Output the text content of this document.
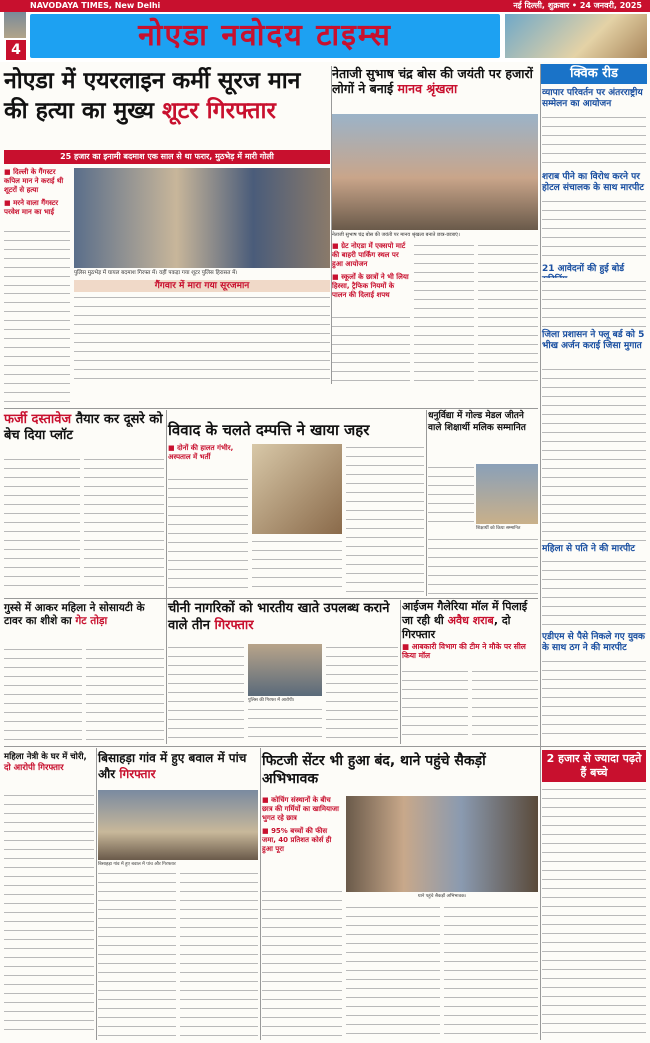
NAVODAYA TIMES, New Delhi	नई दिल्ली, शुक्रवार • 24 जनवरी, 2025
4	नोएडा नवोदय टाइम्स
नोएडा में एयरलाइन कर्मी सूरज मान
की हत्या का मुख्य शूटर गिरफ्तार
25 हजार का इनामी बदमाश एक साल से था फरार, मुठभेड़ में मारी गोली
■ दिल्ली के गैंगस्टर कपिल मान ने कराई थी शूटरों से हत्या
■ मरने वाला गैंगस्टर परवेश मान का भाई
पुलिस मुठभेड़ में घायल बदमाश गिरफ्त में। वहीं पकड़ा गया शूटर पुलिस हिरासत में।
गैंगवार में मारा गया सूरजमान
नेताजी सुभाष चंद्र बोस की जयंती पर हजारों लोगों ने बनाई मानव श्रृंखला
नेताजी सुभाष चंद्र बोस की जयंती पर मानव श्रृंखला बनाते छात्र-छात्राएं।
■ ग्रेट नोएडा में एक्सपो मार्ट की बाहरी पार्किंग स्थल पर हुआ आयोजन
■ स्कूलों के छात्रों ने भी लिया हिस्सा, ट्रैफिक नियमों के पालन की दिलाई शपथ
फर्जी दस्तावेज तैयार कर दूसरे को बेच दिया प्लॉट	विवाद के चलते दम्पत्ति ने खाया जहर
■ दोनों की हालत गंभीर, अस्पताल में भर्ती
धनुर्विद्या में गोल्ड मेडल जीतने वाले शिक्षार्थी मलिक सम्मानित
शिक्षार्थी को किया सम्मानित
गुस्से में आकर महिला ने सोसायटी के टावर का शीशे का गेट तोड़ा
चीनी नागरिकों को भारतीय खाते उपलब्ध कराने वाले तीन गिरफ्तार
पुलिस की गिरफ्त में आरोपी।
आईजम गैलेरिया मॉल में पिलाई जा रही थी अवैध शराब, दो गिरफ्तार
■ आबकारी विभाग की टीम ने मौके पर सील किया मॉल
क्विक रीड
व्यापार परिवर्तन पर अंतरराष्ट्रीय सम्मेलन का आयोजन
शराब पीने का विरोध करने पर होटल संचालक के साथ मारपीट
21 आवेदनों की हुई बोर्ड
जिला प्रशासन ने फ्लू बर्ड को 5 भीख अर्जन कराई जिसा मुगात
महिला से पति ने की मारपीट
एडीएम से पैसे निकले गए युवक के साथ ठग ने की मारपीट
महिला नेत्री के घर में चोरी, दो आरोपी गिरफ्तार
बिसाहड़ा गांव में हुए बवाल में पांच और गिरफ्तार
बिसाहड़ा गांव में हुए बवाल में पांच और गिरफ्तार
फिटजी सेंटर भी हुआ बंद, थाने पहुंचे सैकड़ों अभिभावक
■ कोचिंग संस्थानों के बीच छात्र की गर्मियों का खामियाजा भुगत रहे छात्र
■ 95% बच्चों की फीस जमा, 40 प्रतिशत कोर्स ही हुआ पूरा
थाने पहुंचे सैकड़ों अभिभावक।
2 हजार से ज्यादा पढ़ते हैं बच्चे
